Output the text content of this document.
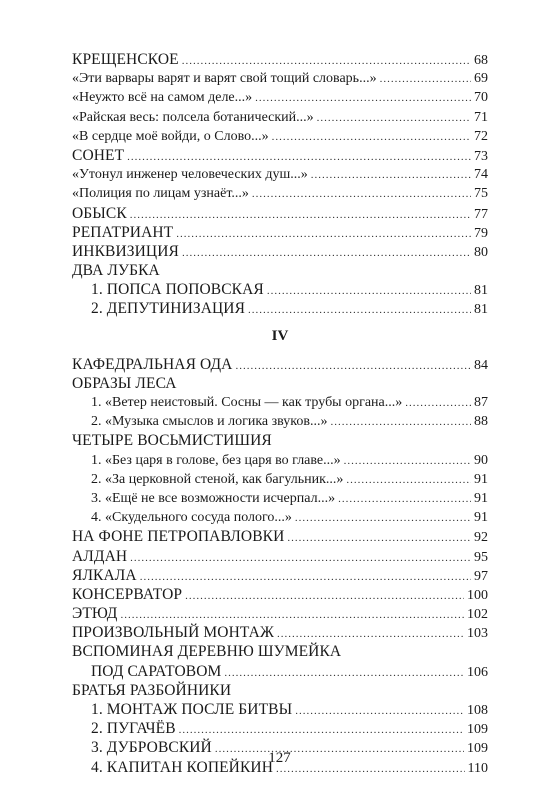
КРЕЩЕНСКОЕ .....	68
«Эти варвары варят и варят свой тощий словарь...» .....	69
«Неужто всё на самом деле...» .....	70
«Райская весь: полсела ботанический...» .....	71
«В сердце моё войди, о Слово...» .....	72
СОНЕТ .....	73
«Утонул инженер человеческих душ...» .....	74
«Полиция по лицам узнаёт...» .....	75
ОБЫСК .....	77
РЕПАТРИАНТ .....	79
ИНКВИЗИЦИЯ .....	80
ДВА ЛУБКА
1. ПОПСА ПОПОВСКАЯ .....	81
2. ДЕПУТИНИЗАЦИЯ .....	81
IV
КАФЕДРАЛЬНАЯ ОДА .....	84
ОБРАЗЫ ЛЕСА
1. «Ветер неистовый. Сосны — как трубы органа...» .....	87
2. «Музыка смыслов и логика звуков...» .....	88
ЧЕТЫРЕ ВОСЬМИСТИШИЯ
1. «Без царя в голове, без царя во главе...» .....	90
2. «За церковной стеной, как багульник...» .....	91
3. «Ещё не все возможности исчерпал...» .....	91
4. «Скудельного сосуда полого...» .....	91
НА ФОНЕ ПЕТРОПАВЛОВКИ .....	92
АЛДАН .....	95
ЯЛКАЛА .....	97
КОНСЕРВАТОР .....	100
ЭТЮД .....	102
ПРОИЗВОЛЬНЫЙ МОНТАЖ .....	103
ВСПОМИНАЯ ДЕРЕВНЮ ШУМЕЙКА
ПОД САРАТОВОМ .....	106
БРАТЬЯ РАЗБОЙНИКИ
1. МОНТАЖ ПОСЛЕ БИТВЫ .....	108
2. ПУГАЧЁВ .....	109
3. ДУБРОВСКИЙ .....	109
4. КАПИТАН КОПЕЙКИН .....	110
127
